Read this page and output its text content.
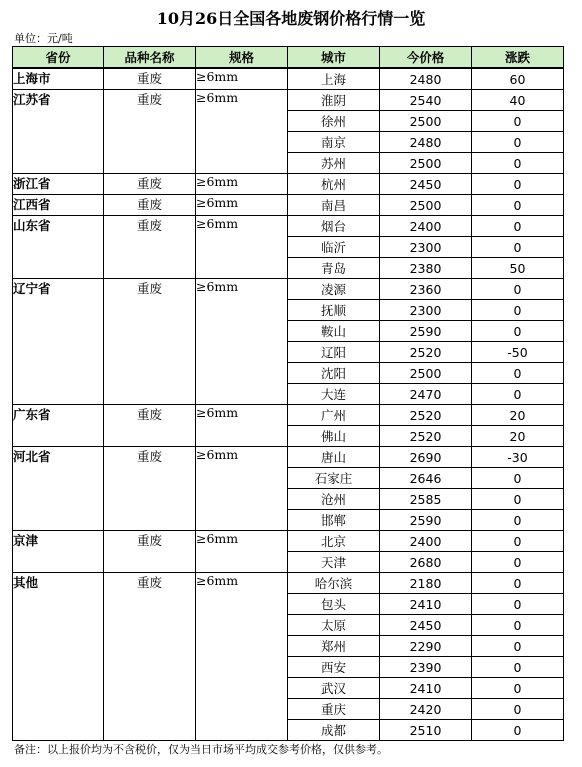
10月26日全国各地废钢价格行情一览
单位：元/吨
省份	品种名称	规格	城市	今价格	涨跌
上海市	重废	≥6mm	上海	2480	60
江苏省	重废	≥6mm	淮阴	2540	40
			徐州	2500	0
			南京	2480	0
			苏州	2500	0
浙江省	重废	≥6mm	杭州	2450	0
江西省	重废	≥6mm	南昌	2500	0
山东省	重废	≥6mm	烟台	2400	0
			临沂	2300	0
			青岛	2380	50
辽宁省	重废	≥6mm	凌源	2360	0
			抚顺	2300	0
			鞍山	2590	0
			辽阳	2520	-50
			沈阳	2500	0
			大连	2470	0
广东省	重废	≥6mm	广州	2520	20
			佛山	2520	20
河北省	重废	≥6mm	唐山	2690	-30
			石家庄	2646	0
			沧州	2585	0
			邯郸	2590	0
京津	重废	≥6mm	北京	2400	0
			天津	2680	0
其他	重废	≥6mm	哈尔滨	2180	0
			包头	2410	0
			太原	2450	0
			郑州	2290	0
			西安	2390	0
			武汉	2410	0
			重庆	2420	0
			成都	2510	0
备注：以上报价均为不含税价，仅为当日市场平均成交参考价格，仅供参考。
